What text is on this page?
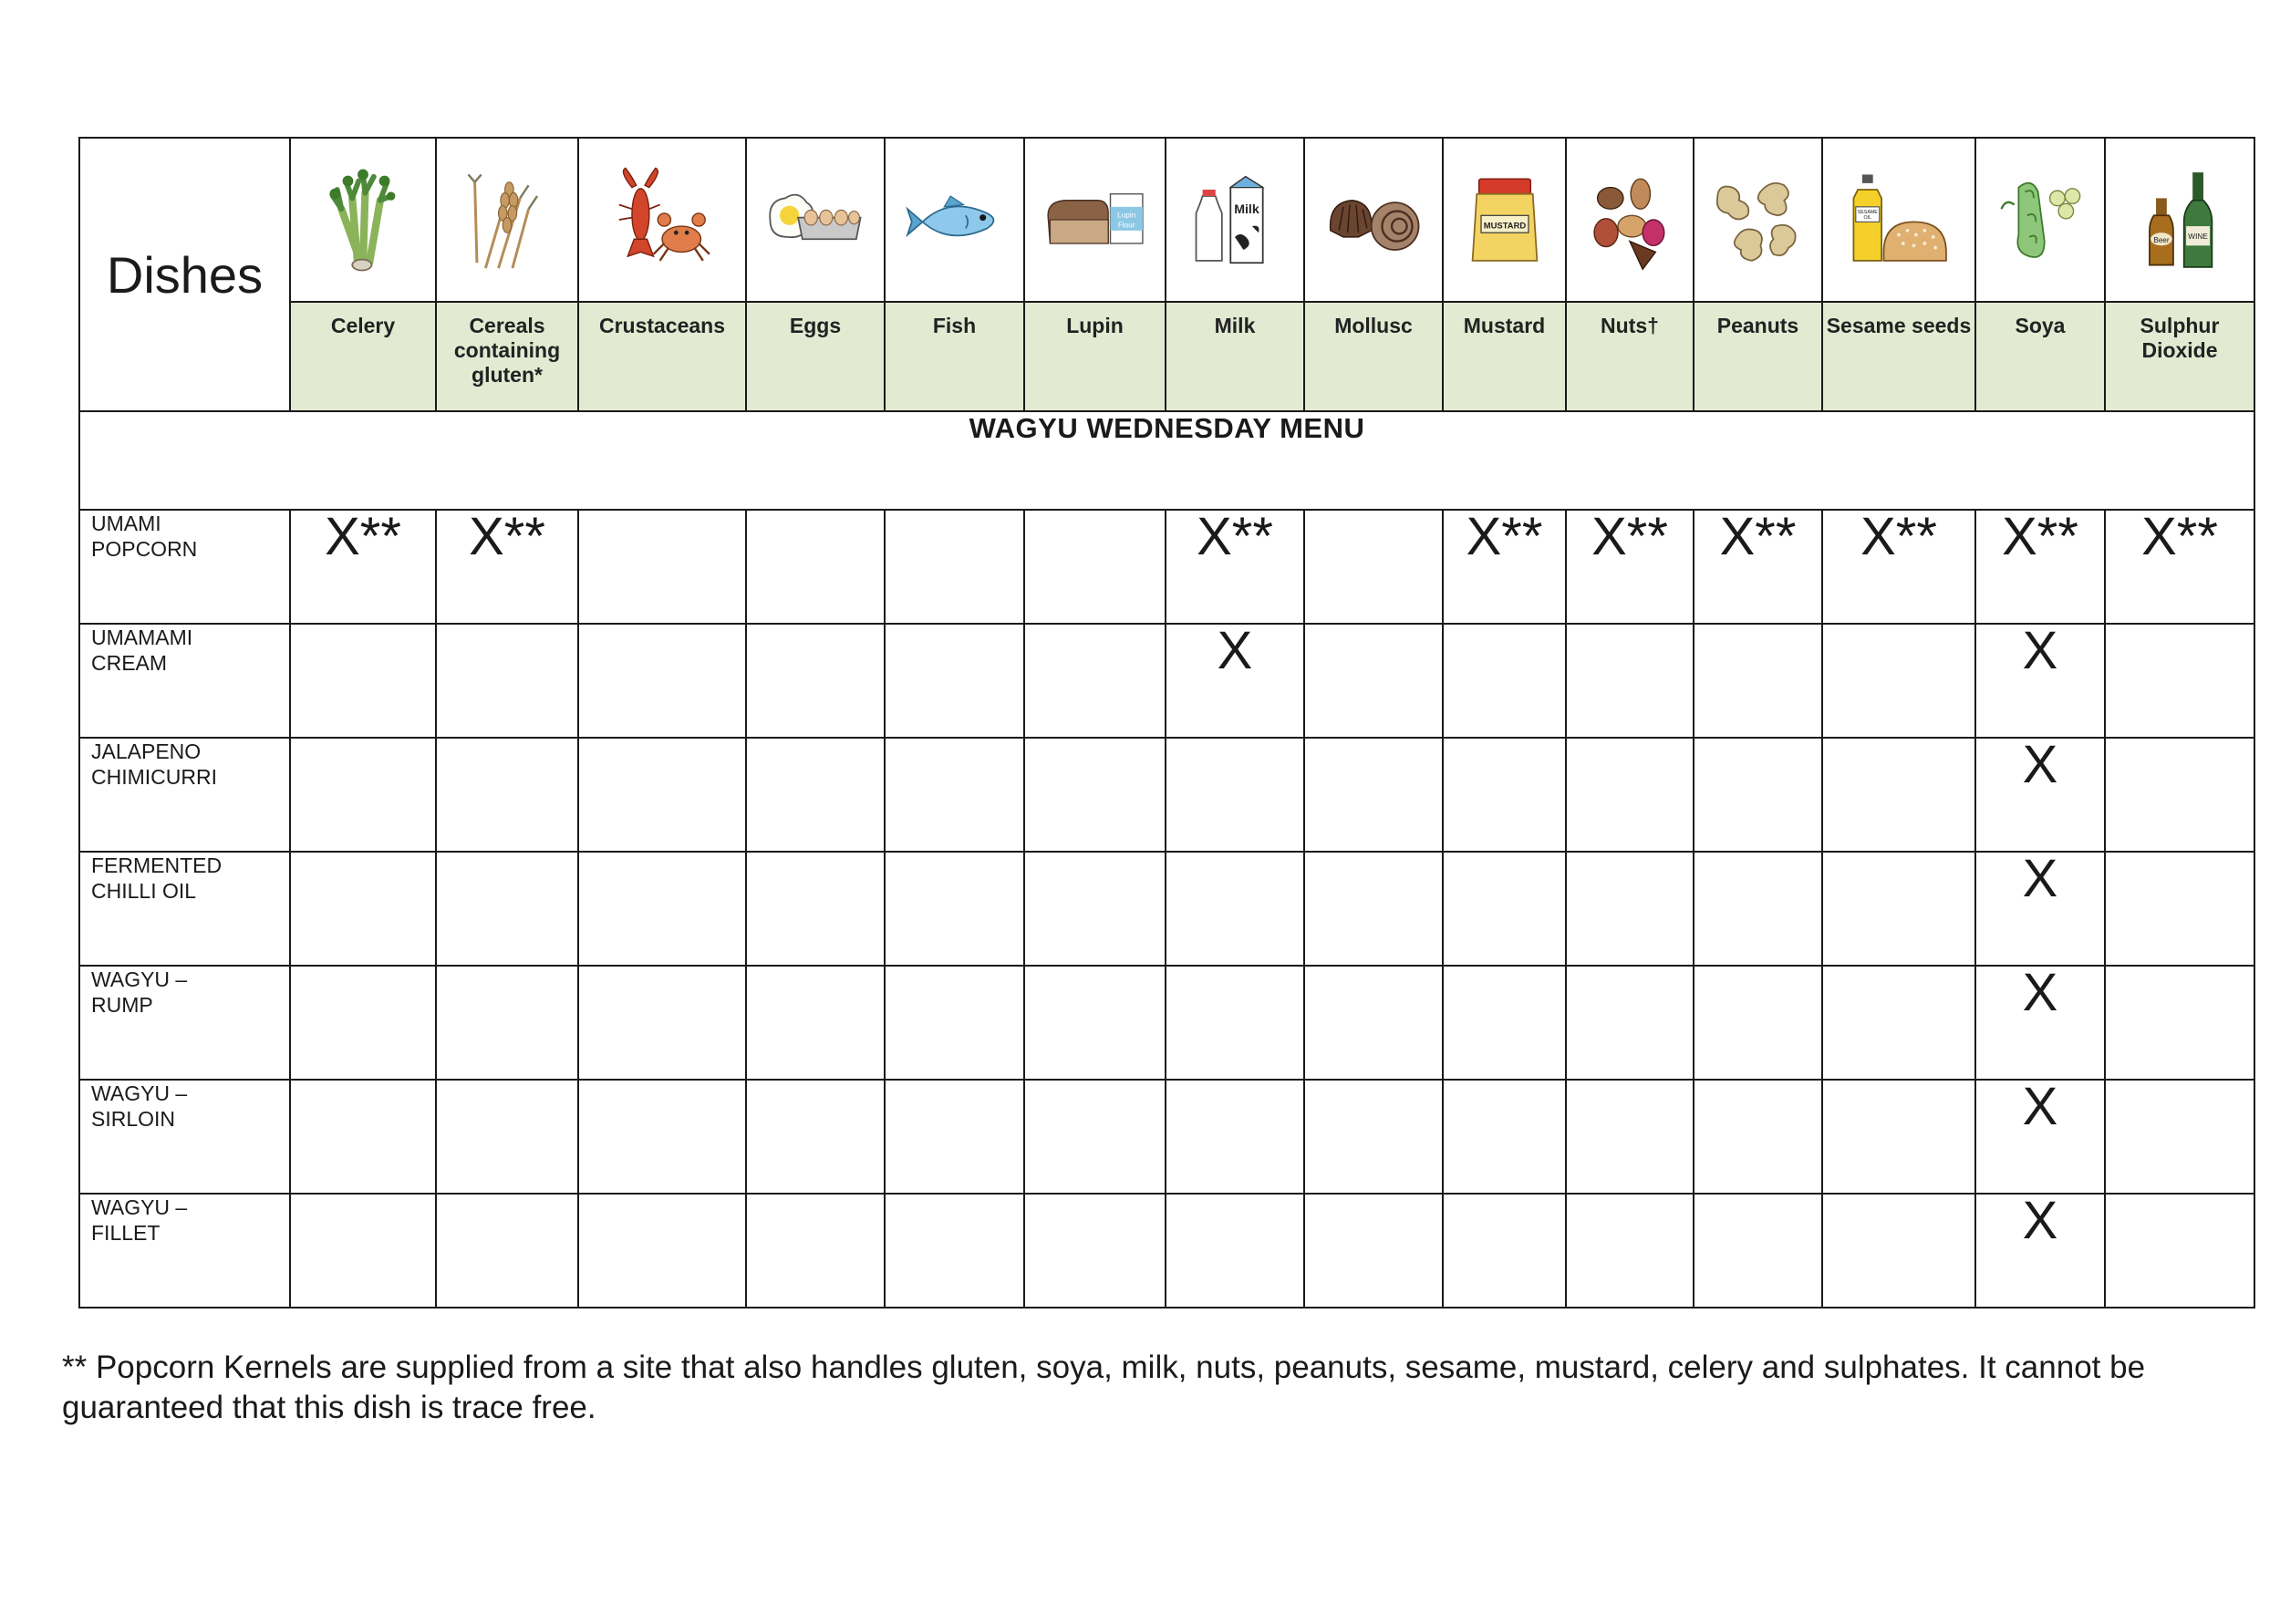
Dishes						Lupin
Flour	Milk		MUSTARD			SESAME
OIL		Beer WINE

	Celery	Cereals containing gluten*	Crustaceans	Eggs	Fish	Lupin	Milk	Mollusc	Mustard	Nuts†	Peanuts	Sesame seeds	Soya	Sulphur Dioxide

WAGYU WEDNESDAY MENU														

UMAMI POPCORN	X**	X**					X**		X**	X**	X**	X**	X**	X**

UMAMAMI CREAM							X						X	

JALAPENO CHIMICURRI													X	

FERMENTED CHILLI OIL													X	

WAGYU – RUMP													X	

WAGYU – SIRLOIN													X	

WAGYU – FILLET													X	
** Popcorn Kernels are supplied from a site that also handles gluten, soya, milk, nuts, peanuts, sesame, mustard, celery and sulphates. It cannot be guaranteed that this dish is trace free.
